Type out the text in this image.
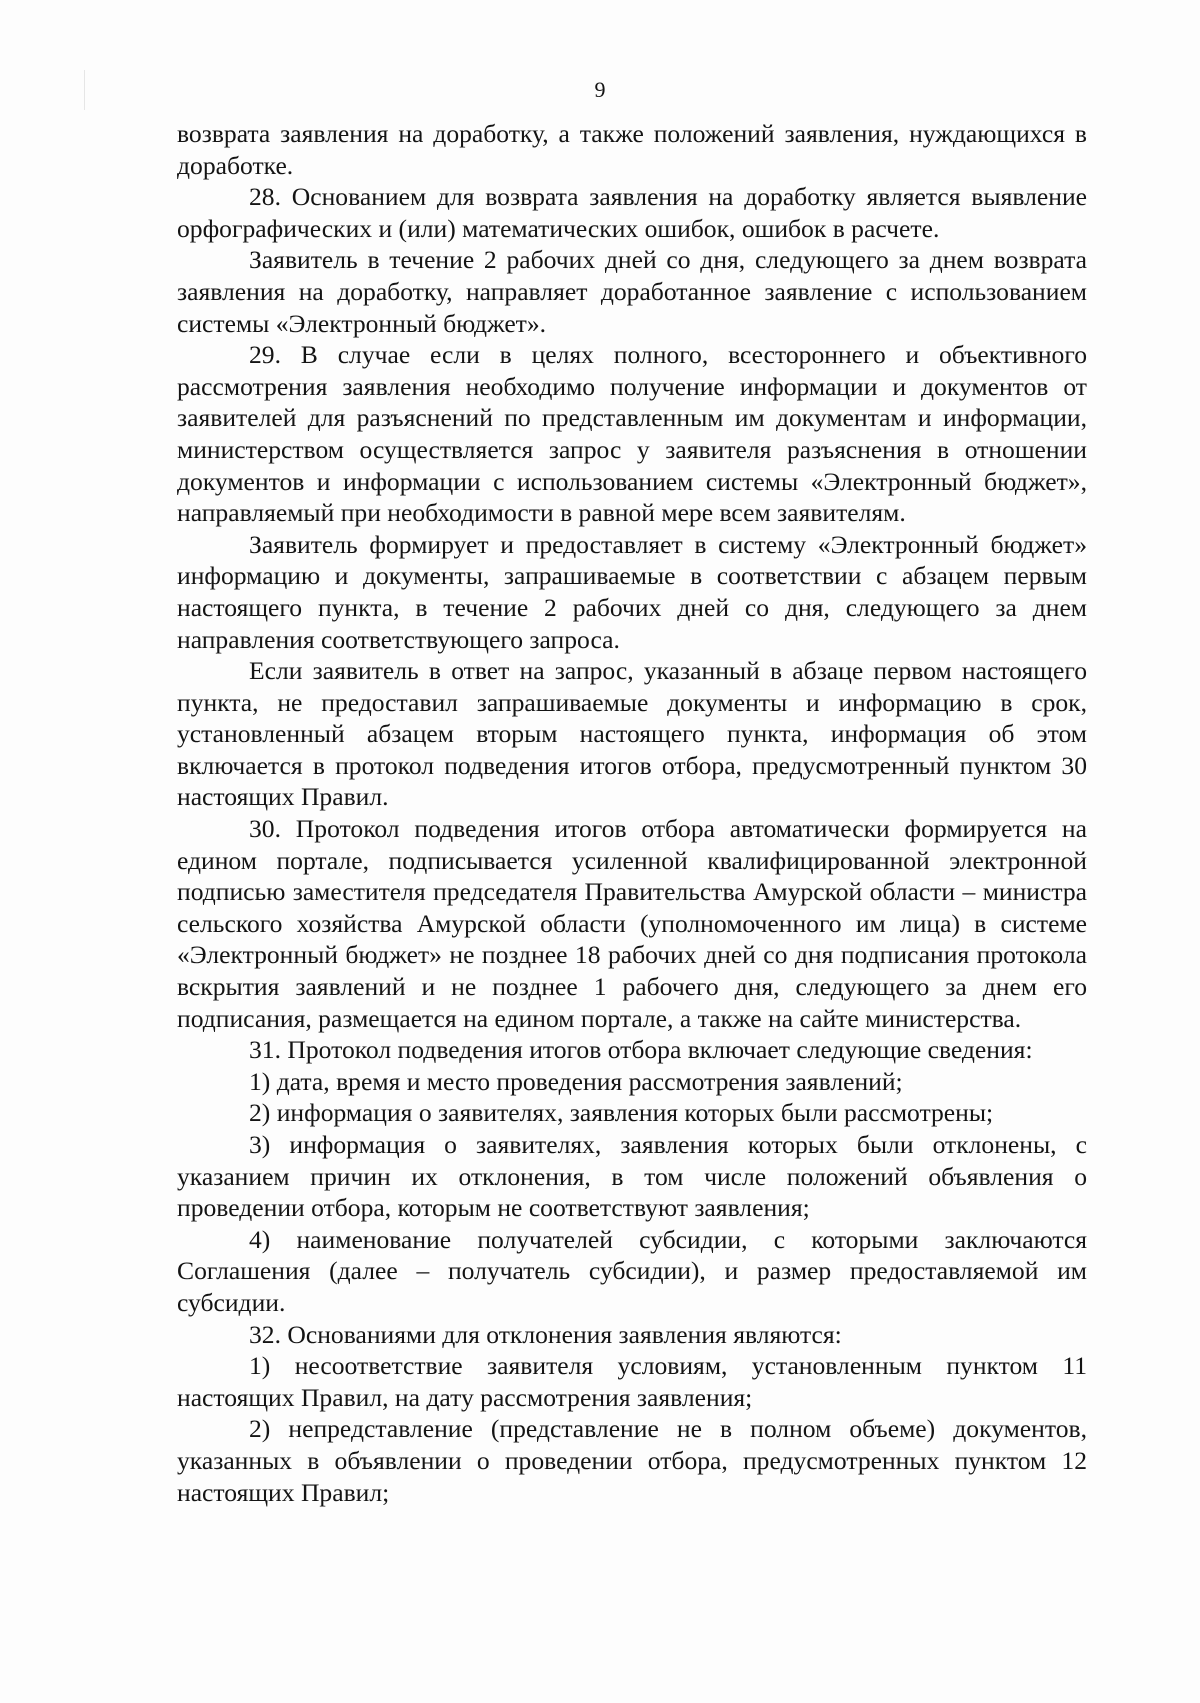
9

возврата заявления на доработку, а также положений заявления, нуждающихся в доработке.

28. Основанием для возврата заявления на доработку является выявление орфографических и (или) математических ошибок, ошибок в расчете.

Заявитель в течение 2 рабочих дней со дня, следующего за днем возврата заявления на доработку, направляет доработанное заявление с использованием системы «Электронный бюджет».

29. В случае если в целях полного, всестороннего и объективного рассмотрения заявления необходимо получение информации и документов от заявителей для разъяснений по представленным им документам и информации, министерством осуществляется запрос у заявителя разъяснения в отношении документов и информации с использованием системы «Электронный бюджет», направляемый при необходимости в равной мере всем заявителям.

Заявитель формирует и предоставляет в систему «Электронный бюджет» информацию и документы, запрашиваемые в соответствии с абзацем первым настоящего пункта, в течение 2 рабочих дней со дня, следующего за днем направления соответствующего запроса.

Если заявитель в ответ на запрос, указанный в абзаце первом настоящего пункта, не предоставил запрашиваемые документы и информацию в срок, установленный абзацем вторым настоящего пункта, информация об этом включается в протокол подведения итогов отбора, предусмотренный пунктом 30 настоящих Правил.

30. Протокол подведения итогов отбора автоматически формируется на едином портале, подписывается усиленной квалифицированной электронной подписью заместителя председателя Правительства Амурской области – министра сельского хозяйства Амурской области (уполномоченного им лица) в системе «Электронный бюджет» не позднее 18 рабочих дней со дня подписания протокола вскрытия заявлений и не позднее 1 рабочего дня, следующего за днем его подписания, размещается на едином портале, а также на сайте министерства.

31. Протокол подведения итогов отбора включает следующие сведения:

1) дата, время и место проведения рассмотрения заявлений;

2) информация о заявителях, заявления которых были рассмотрены;

3) информация о заявителях, заявления которых были отклонены, с указанием причин их отклонения, в том числе положений объявления о проведении отбора, которым не соответствуют заявления;

4) наименование получателей субсидии, с которыми заключаются Соглашения (далее – получатель субсидии), и размер предоставляемой им субсидии.

32. Основаниями для отклонения заявления являются:

1) несоответствие заявителя условиям, установленным пунктом 11 настоящих Правил, на дату рассмотрения заявления;

2) непредставление (представление не в полном объеме) документов, указанных в объявлении о проведении отбора, предусмотренных пунктом 12 настоящих Правил;
